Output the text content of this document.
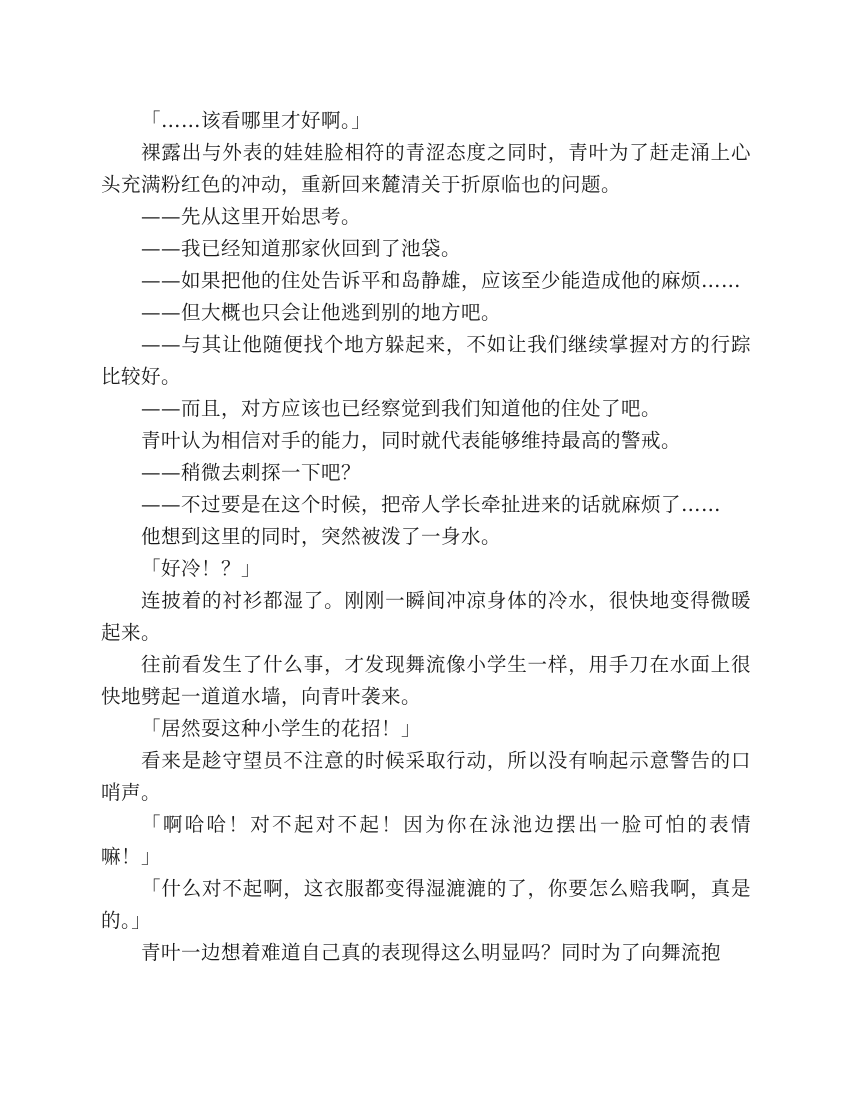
「……该看哪里才好啊。」

裸露出与外表的娃娃脸相符的青涩态度之同时，青叶为了赶走涌上心头充满粉红色的冲动，重新回来麓清关于折原临也的问题。

——先从这里开始思考。

——我已经知道那家伙回到了池袋。

——如果把他的住处告诉平和岛静雄，应该至少能造成他的麻烦……

——但大概也只会让他逃到别的地方吧。

——与其让他随便找个地方躲起来，不如让我们继续掌握对方的行踪比较好。

——而且，对方应该也已经察觉到我们知道他的住处了吧。

青叶认为相信对手的能力，同时就代表能够维持最高的警戒。

——稍微去刺探一下吧？

——不过要是在这个时候，把帝人学长牵扯进来的话就麻烦了……

他想到这里的同时，突然被泼了一身水。

「好冷！？」

连披着的衬衫都湿了。刚刚一瞬间冲凉身体的冷水，很快地变得微暖起来。

往前看发生了什么事，才发现舞流像小学生一样，用手刀在水面上很快地劈起一道道水墙，向青叶袭来。

「居然耍这种小学生的花招！」

看来是趁守望员不注意的时候采取行动，所以没有响起示意警告的口哨声。

「啊哈哈！对不起对不起！因为你在泳池边摆出一脸可怕的表情嘛！」

「什么对不起啊，这衣服都变得湿漉漉的了，你要怎么赔我啊，真是的。」

青叶一边想着难道自己真的表现得这么明显吗？同时为了向舞流抱
